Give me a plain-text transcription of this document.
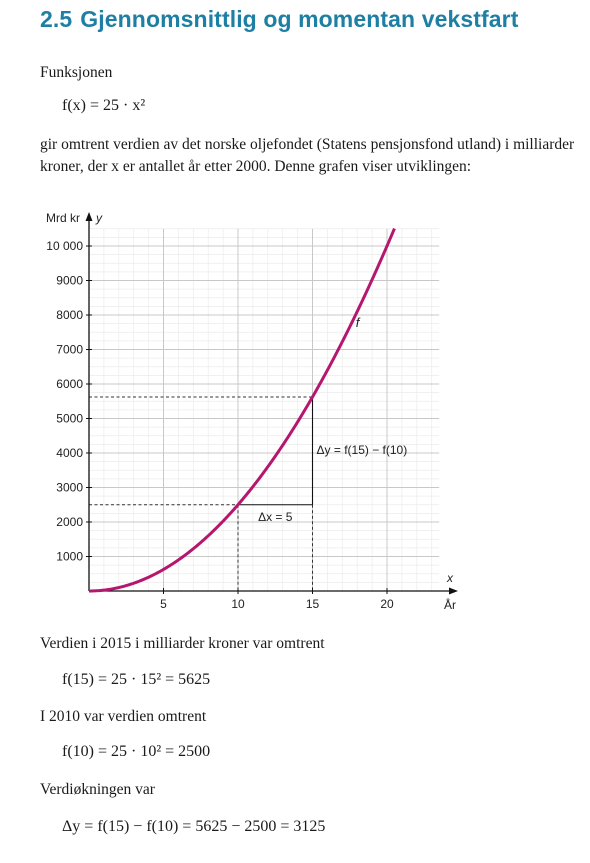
2.5 Gjennomsnittlig og momentan vekstfart

Funksjonen

f(x) = 25 · x²

gir omtrent verdien av det norske oljefondet (Statens pensjonsfond utland) i milliarder kroner, der x er antallet år etter 2000. Denne grafen viser utviklingen:

5	10	15	20
1000
2000
3000
4000
5000
6000
7000
8000
9000
10 000
Mrd kr y
x
År
f
Δx = 5
Δy = f(15) − f(10)

Verdien i 2015 i milliarder kroner var omtrent

f(15) = 25 · 15² = 5625

I 2010 var verdien omtrent

f(10) = 25 · 10² = 2500

Verdiøkningen var

Δy = f(15) − f(10) = 5625 − 2500 = 3125
